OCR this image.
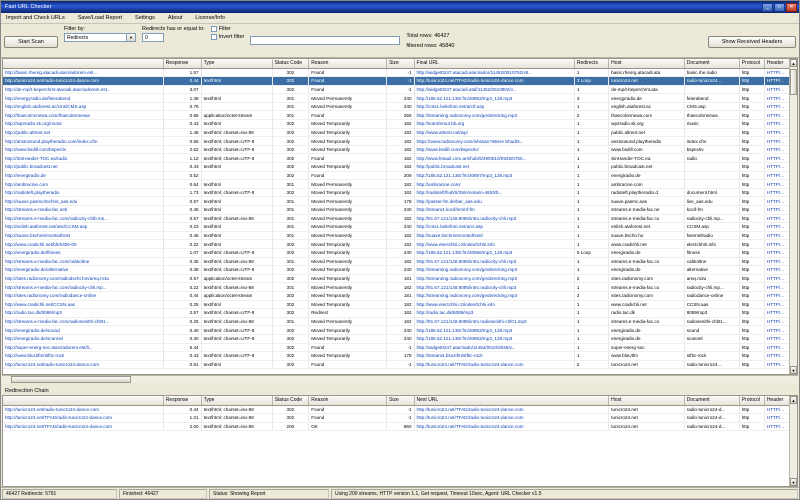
Fast URL Checker	_	□	✕
Import and Check URLs	Save/Load Report	Settings	About	License/Info
Start Scan
Filter by:
Redirects	▼
Redirects has or equal to:
0
Filter
Invert filter	Total rows: 46427
filtered rows: 45840
Show Received Headers
	Response	Type	Status Code	Reason	Size	Final URL	Redirects	Host	Document	Protocol	Header
http://basic.rheorg.atacadi.atacriadorem.est...	1.57		302	Found	-1	http://widget0247.atacadi.atacriador/11452/0510752/v5...	1	basic.rheorg.atacadi.ata	basic.rhe.radio	http	HTTP/...
http://tunicro24.net/radio-tunicro24-dance.com	0.44	text/html	302	Found	-1	http://tunicro24.net/TFAD/radio-tunicro24-dance.com	2 Loop	tunicro24.net	radio-tunicro24...	http	HTTP/...
http://de-mp/t-beperchmt.atacadi.atacriadorem.est...	3.07		302	Found	-1	http://widget0247.atacadi.ataf/11452/0510902/v...	1	de-mp/t-beperchmt.ata		http	HTTP/...
http://energyradio.de/feierabend	1.38	text/html	301	Moved Permanently	240	http://185.52.121.135/:fm/30863/mp3_128.mp3	3	energyradio.de	feierabend	http	HTTP/...
http://english.ataforest.ac/cms/CMS.asp	0.76		301	Moved Permanently	240	http://cms1.beliefont.net/arctf.asp	1	english.ataforest.ac	CMS.asp	http	HTTP/...
http://thaecolonnewa.com/thaecdomnewa	0.65	application/octet-stream	301	Found	266	http://streaming.radionomy.com/geobrecking.mp3	2	thaecolonnewa.com	thaecolonnewa	http	HTTP/...
http://wp2radio.sk.org/music	0.43	text/html	302	Moved Temporarily	182	http://sotroferout.bb.org	1	wp2radio.sk.org	music	http	HTTP/...
http://public.altrent.net	1.48	text/html; charset=iso-88	302	Moved Temporarily	182	http://www.altrent.net/wp/	1	public.altrent.net		http	HTTP/...
http://anstoosund.playtheradio.com/index.cfm	0.65	text/html; charset=UTF-8	302	Moved Temporarily	182	https://www.radionomy.com/ishssan?istiers Shadt3...	1	anstoosund.playtheradio	index.cfm	http	HTTP/...
http://www.bsdill.com/bspectiv	2.62	text/html; charset=UTF-8	302	Moved Temporarily	182	http://www.bsdill.com/bspectiv/	1	www.bsdill.com	bspectiv	http	HTTP/...
http://SinHander-TOC.ea/radio	1.12	text/html; charset=UTF-8	302	Found	182	http://www.fetauil.com.ars/hub/5/39/0510/0925/0750...	1	SinHander-TOC.ea	radio	http	HTTP/...
http://public.broadcast.net	0.43	text/html	302	Moved Temporarily	182	http://public.broadcast.net	1	public.broadcast.net		http	HTTP/...
http://energiradio.de	0.52		302	Found	209	http://185.52.121.135/:fm/30897/mp3_128.mp3	1	energiradio.de		http	HTTP/...
http://ambracine.com	0.64	text/html	301	Moved Permanently	182	http://ambracine.com/	1	ambracine.com		http	HTTP/...
http://radioteft.playtheradio	1.73	text/html; charset=UTF-8	302	Moved Temporarily	182	http://radioteft/hub/5/39/n/ontarin-4653/b...	1	radioteft.playtheradio.d	document.html	http	HTTP/...
http://suave.pasmc/techns_aas.edu	0.57	text/html	301	Moved Permanently	178	http://passer-fm.de/bar_aas.edu	1	suave.pasmc.aas	live_aas.edu	http	HTTP/...
http://streams.e-media-fac.net/	0.45	text/html	301	Moved Permanently	240	http://stream4.kocif/em/nf-fm	1	streams.e-media-fac.ne	kocif-fm	http	HTTP/...
http://streams.e-media-fac.com/radiocity-chlb.ms...	0.57	text/html; charset=iso-88	301	Moved Permanently	182	http://91.67.121/148.8085/intro.radiocity-chli.mp3	1	streams.e-media-fac.co	radiocity-chli.mp...	http	HTTP/...
http://enlish.ataforest.net/ass/CCSM.asp	0.23	text/html	301	Moved Permanently	240	http://cms1.beliefont.net/arct.asp	1	enlish.ataforest.net	CCSM.asp	http	HTTP/...
http://suave.bschn/emontedhost	0.46	text/html	301	Moved Permanently	182	http://suave.bschn/emontedhost/	1	suave.bschn.ho	fwemntlradio	http	HTTP/...
http://www.cradichli.net/bh/0400-00	0.22	text/html	302	Moved Temporarily	182	http://www.electchhi.cz/index/tchhi.info	1	www.cradichli.net	electchhi0.info	http	HTTP/...
http://energiradio.de/fitness	1.07	text/html; charset=UTF-8	302	Moved Temporarily	240	http://185.52.121.135/:fm/30866/mp3_128.mp3	5 Loop	energiradio.de	fitness	http	HTTP/...
http://streams.e-media-fac.com/cabkoltne	0.35	text/html; charset=iso-88	301	Moved Permanently	182	http://91.67.121/148.8085/intro.radiocity-chli.mp3	1	streams.e-media-fac.co	cabkoltne	http	HTTP/...
http://energiradio.de/alternative	0.38	text/html; charset=UTF-8	302	Moved Temporarily	240	http://streaming.radionomy.com/geobrecking.mp3	1	energiradio.de	alternative	http	HTTP/...
http://sites.radionomy.com/radiodscht.hm/areq.m3u	0.57	application/octet-stream	302	Moved Temporarily	181	http://streaming.radionomy.com/geobrecking.mp3	2	sites.radionomy.com	areq.m3u	http	HTTP/...
http://streams.e-media-fac.com/radiocity-chli.mp...	0.22	text/html; charset=iso-88	301	Moved Permanently	182	http://91.67.121/148.8085/intro.radiocity-chli.mp3	1	streams.e-media-fac.co	radiocity-chli.mp...	http	HTTP/...
http://sites.radionomy.com/radiodance-online	0.44	application/octet-stream	302	Moved Temporarily	181	http://streaming.radionomy.com/geobrecking.mp3	2	sites.radionomy.com	radiodance-online	http	HTTP/...
http://www.cradichli.net/CCSN.aas	0.25	text/html	302	Moved Temporarily	182	http://www.electchhi.cz/index/tchhi.info	1	www.cradichli.net	CCSN.aas	http	HTTP/...
http://radio.tac.dk/8089/mp3	2.57	text/html; charset=UTF-8	302	Redirect	182	http://radio.tac.dk/8089/mp3	1	radio.tac.dk	8089/mp3	http	HTTP/...
http://streams.e-media-fac.com/radiosenithi-chl01...	0.25	text/html; charset=iso-88	301	Moved Permanently	182	http://91.67.121/148.8085/intro.radiosenithi-chl01.mp3	1	streams.e-media-fac.co	radiosenithi-chl01...	http	HTTP/...
http://energiradio.de/sound	0.40	text/html; charset=UTF-8	302	Moved Temporarily	240	http://185.52.121.135/:fm/30863/mp3_128.mp3	1	energiradio.de	sound	http	HTTP/...
http://energiradio.de/scannel	0.30	text/html; charset=UTF-8	302	Moved Temporarily	240	http://185.52.121.135/:fm/30863/mp3_128.mp3	1	energiradio.de	scannel	http	HTTP/...
http://super-energ-soc.atacriadorem.est/li...	5.44		302	Found	-1	http://widget0247.atacriado/11452/0510/3045/v...	1	super-energ-soc		http	HTTP/...
http://www.bluUtfm/stftic-rock	0.43	text/html; charset=UTF-8	302	Moved Temporarily	178	http://stream4.bluUtfm/stftic-rock	1	www.bluUtfm	stftic-rock	http	HTTP/...
http://tunicro24.net/radio-tunicro24-dance.com	0.51	text/html	302	Found	-1	http://tunicro24.net/TFAD/radio-tunicro24-dance.com	2	tunicro24.net	radio-tunicro24...	http	HTTP/...
▲
▼
Redirection Chain
	Response	Type	Status Code	Reason	Size	Next URL	Host	Document	Protocol	Header
http://tunicro24.net/radio-tunicro24-dance.com	0.44	text/html; charset=iso-88	302	Found	-1	http://tunicro24.net/TFAD/radio-tunicro24-dance.com	tunicro24.net	radio-tunicro24-d...	http	HTTP/...
http://tunicro24.net/TFAD/radio-tunicro24-dance.com	1.21	text/html; charset=iso-88	302	Found	-1	http://tunicro24.net/TFAD/radio-tunicro24-dance.com	tunicro24.net	radio-tunicro24-d...	http	HTTP/...
http://tunicro24.net/TFAD/radio-tunicro24-dance.com	2.00	text/html; charset=iso-88	200	OK	860	http://tunicro24.net/TFAD/radio-tunicro24-dance.com	tunicro24.net	radio-tunicro24-d...	http	HTTP/...
▲
▼
46427 Redirects: 5791	Finished: 46427	Status: Showing Report	Using 200 streams, HTTP version 1.1, Get request, Timeout 10sec, Agent: URL Checker v1.5
